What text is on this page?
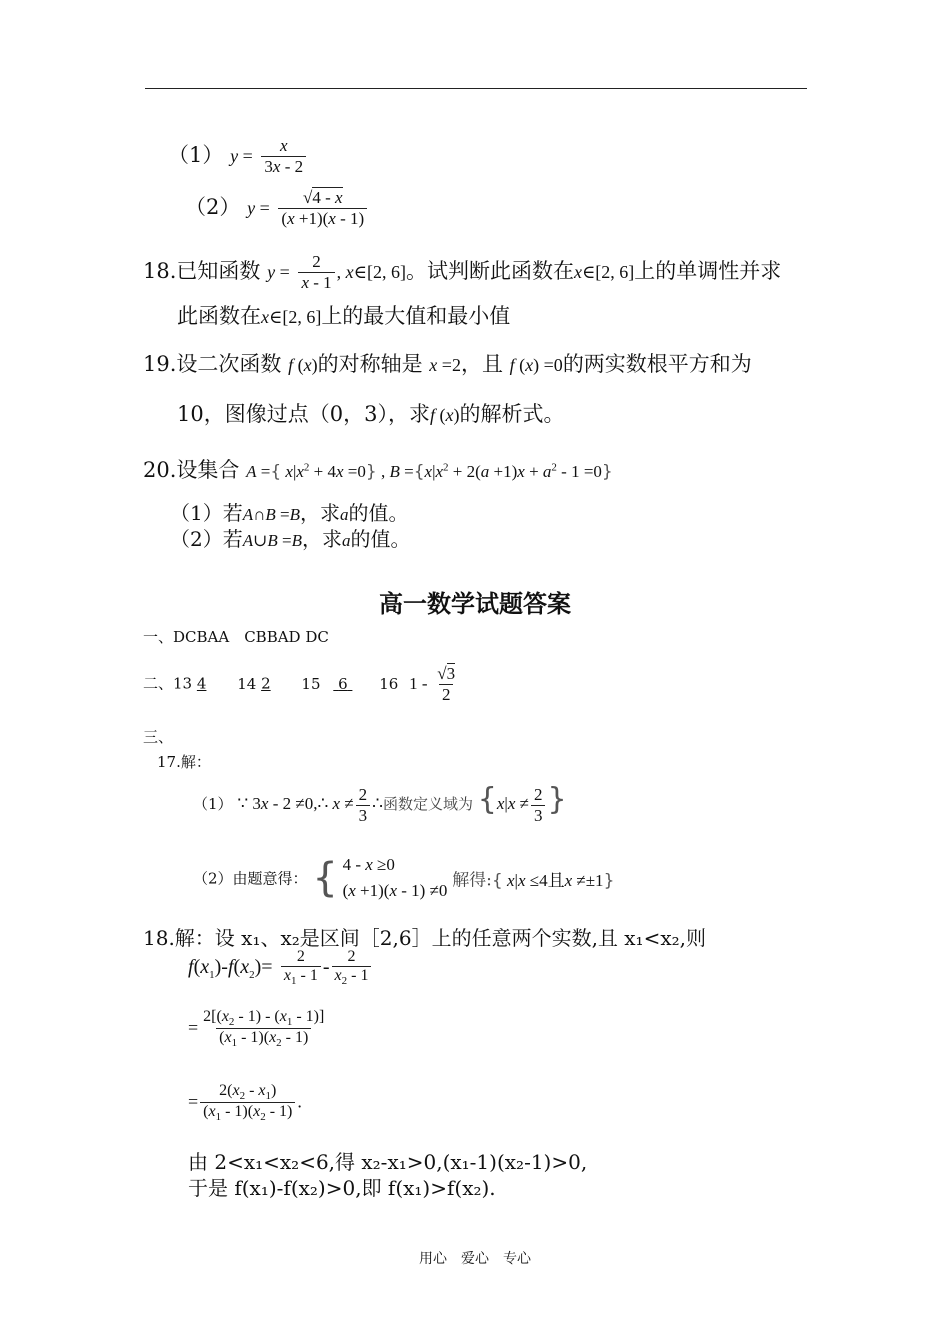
（1） $y = \frac{x}{3x - 2}$
（2） $y = \frac{√4 - x}{(x +1)(x - 1)}$
18.已知函数 $y = \frac{2}{x - 1}$ , x∈[2, 6]。试判断此函数在x∈[2, 6]上的单调性并求
此函数在x∈[2, 6]上的最大值和最小值
19.设二次函数 f (x)的对称轴是 x =2，且 f (x) =0的两实数根平方和为
10，图像过点（0，3），求f (x)的解析式。
20.设集合 A ={ $x|x^2 + 4x =0$} , $B =\{x|x^2 + 2(a +1)x + a^2 - 1 =0\}$
（1）若A∩B =B，求a的值。
（2）若A∪B =B，求a的值。
高一数学试题答案
一、DCBAA　CBBAD DC
二、13 4 14 2 15 6 16 $1 - \frac{√3}{2}$
三、
17.解：
（1） ∵ 3x - 2 ≠0,∴ $x \ne \frac{2}{3}$ ∴函数定义域为 {$x|x \ne \frac{2}{3}$ }
（2）由题意得： { 4 - x ≥0
(x +1)(x - 1) ≠0 解得:{ x|x ≤4且x ≠±1}
18.解：设 x₁、x₂是区间［2,6］上的任意两个实数,且 x₁<x₂,则
$f(x_1)-f(x_2)= \frac{2}{x_1 - 1} - \frac{2}{x_2 - 1}$
= $\frac{2[(x_2 - 1) - (x_1 - 1)]}{(x_1 - 1)(x_2 - 1)}$
= $\frac{2(x_2 - x_1)}{(x_1 - 1)(x_2 - 1)}$ .
由 2<x₁<x₂<6,得 x₂-x₁>0,(x₁-1)(x₂-1)>0,
于是 f(x₁)-f(x₂)>0,即 f(x₁)>f(x₂).
用心　爱心　专心
